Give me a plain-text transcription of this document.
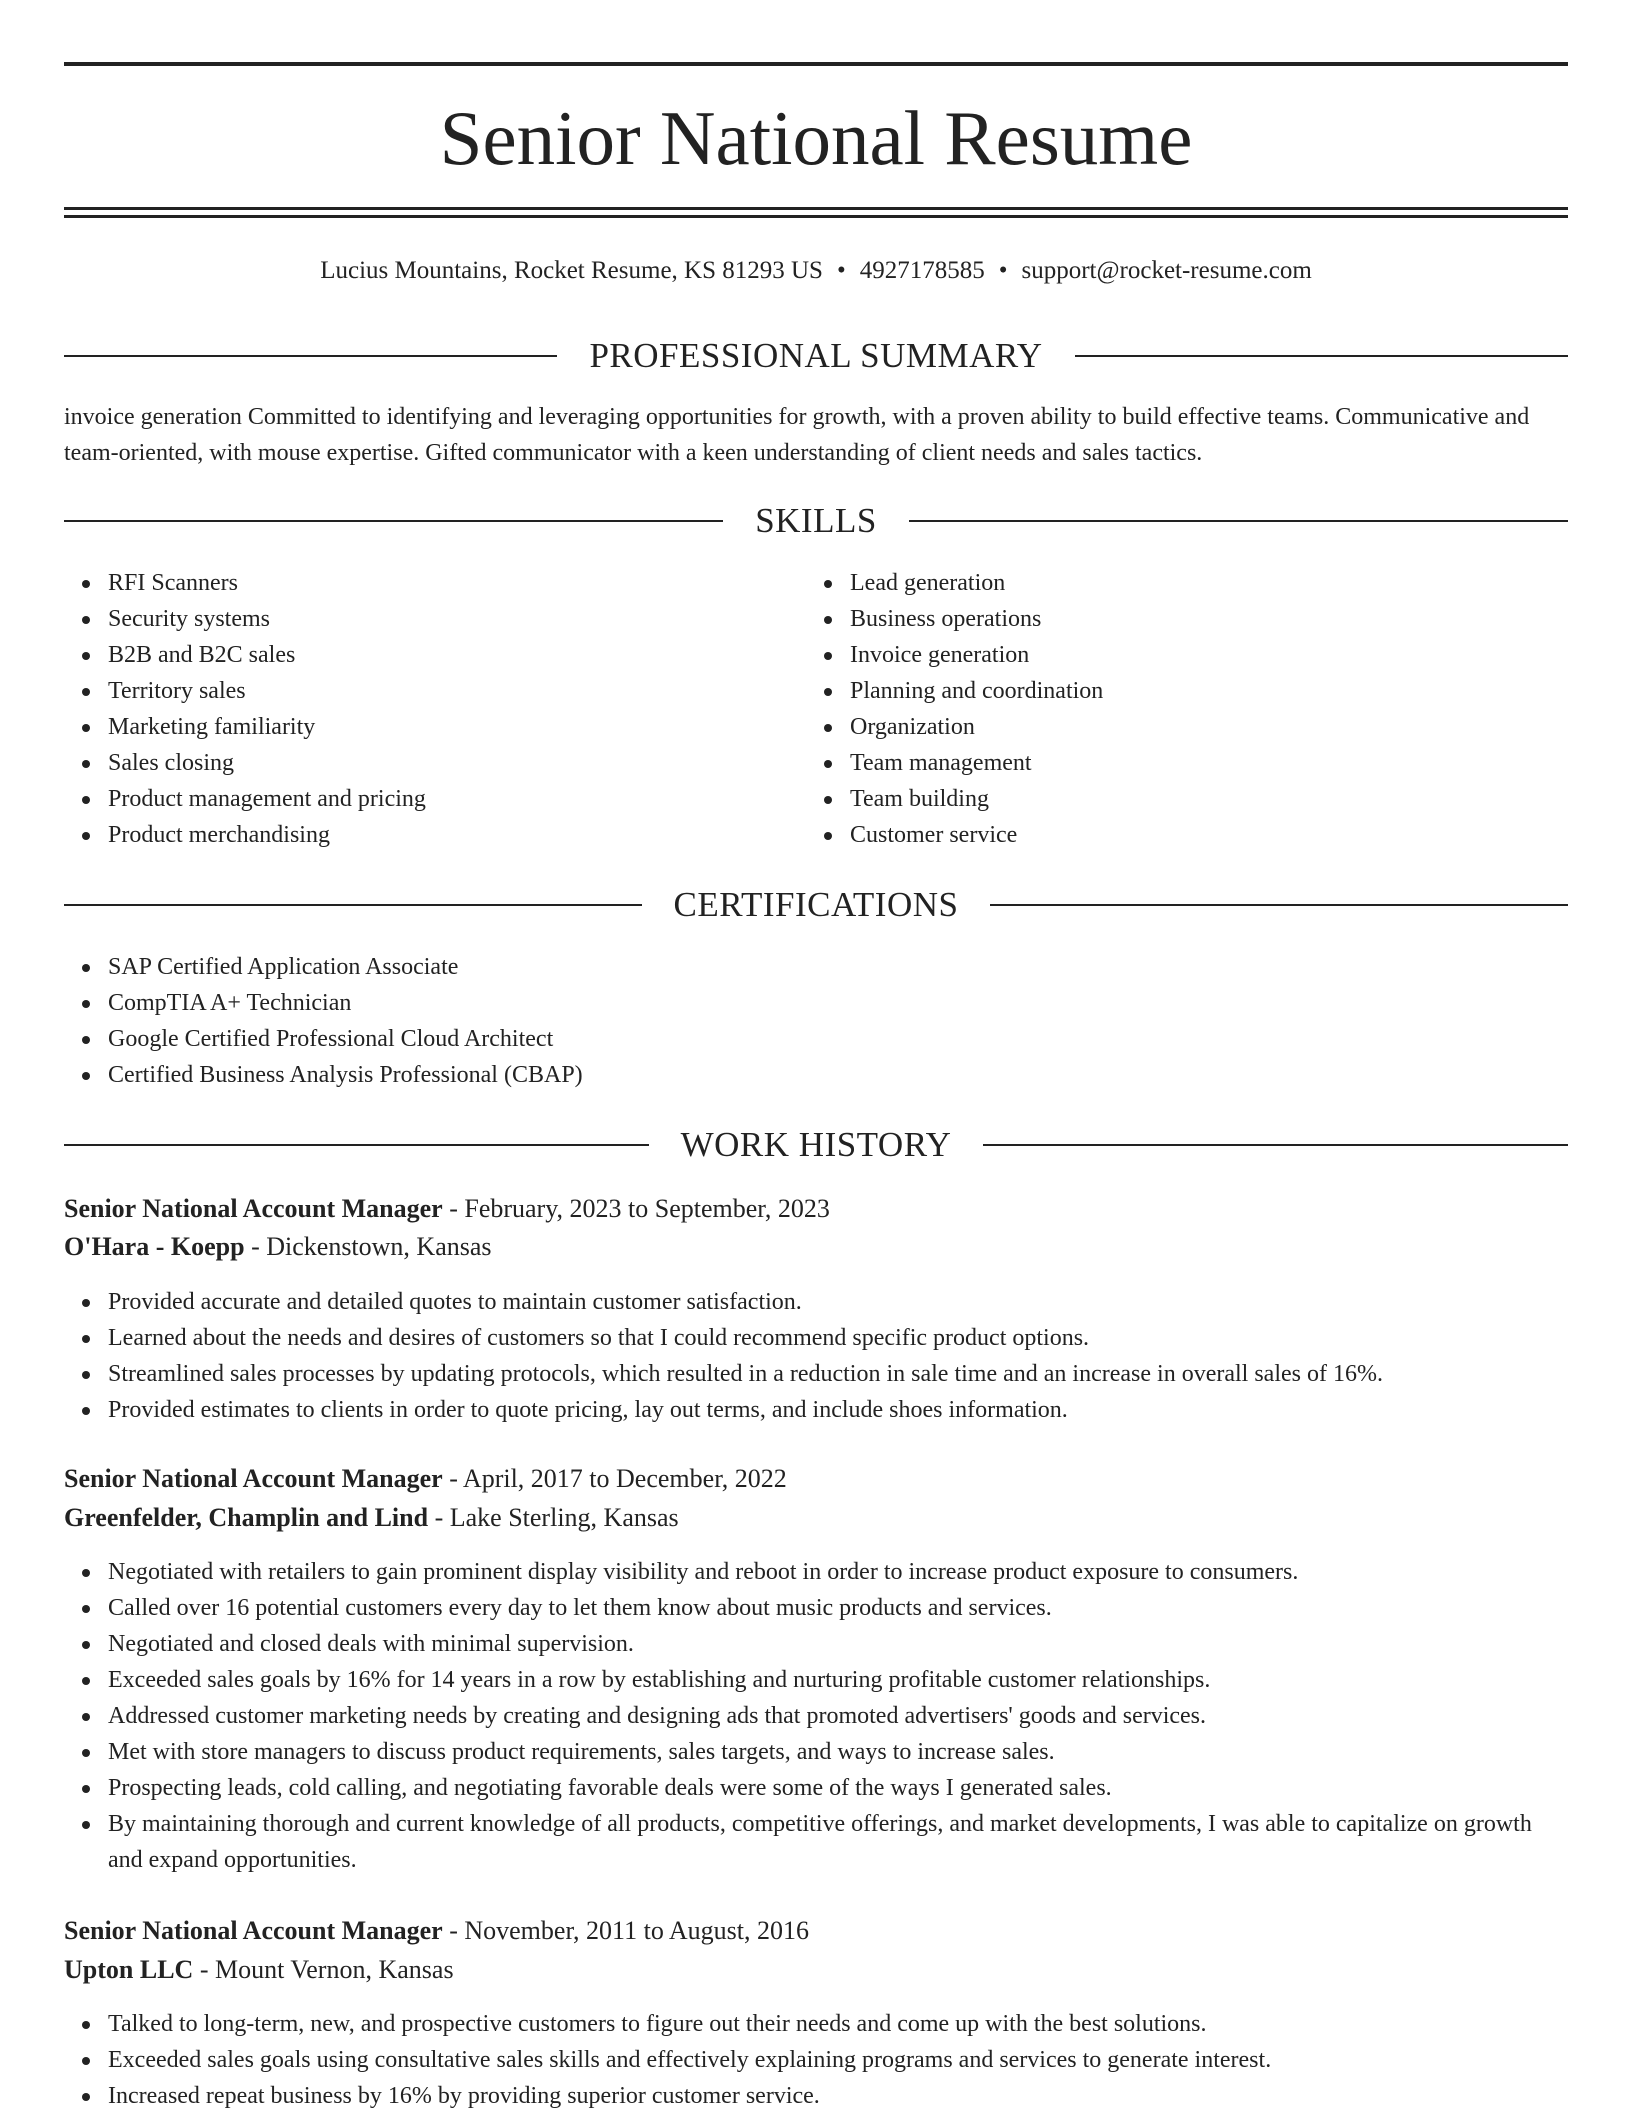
Senior National Resume
Lucius Mountains, Rocket Resume, KS 81293 US • 4927178585 • support@rocket-resume.com
PROFESSIONAL SUMMARY

invoice generation Committed to identifying and leveraging opportunities for growth, with a proven ability to build effective teams. Communicative and team-oriented, with mouse expertise. Gifted communicator with a keen understanding of client needs and sales tactics.

SKILLS
RFI Scanners
Security systems
B2B and B2C sales
Territory sales
Marketing familiarity
Sales closing
Product management and pricing
Product merchandising
Lead generation
Business operations
Invoice generation
Planning and coordination
Organization
Team management
Team building
Customer service
CERTIFICATIONS
SAP Certified Application Associate
CompTIA A+ Technician
Google Certified Professional Cloud Architect
Certified Business Analysis Professional (CBAP)
WORK HISTORY
Senior National Account Manager - February, 2023 to September, 2023
O'Hara - Koepp - Dickenstown, Kansas
Provided accurate and detailed quotes to maintain customer satisfaction.
Learned about the needs and desires of customers so that I could recommend specific product options.
Streamlined sales processes by updating protocols, which resulted in a reduction in sale time and an increase in overall sales of 16%.
Provided estimates to clients in order to quote pricing, lay out terms, and include shoes information.
Senior National Account Manager - April, 2017 to December, 2022
Greenfelder, Champlin and Lind - Lake Sterling, Kansas
Negotiated with retailers to gain prominent display visibility and reboot in order to increase product exposure to consumers.
Called over 16 potential customers every day to let them know about music products and services.
Negotiated and closed deals with minimal supervision.
Exceeded sales goals by 16% for 14 years in a row by establishing and nurturing profitable customer relationships.
Addressed customer marketing needs by creating and designing ads that promoted advertisers' goods and services.
Met with store managers to discuss product requirements, sales targets, and ways to increase sales.
Prospecting leads, cold calling, and negotiating favorable deals were some of the ways I generated sales.
By maintaining thorough and current knowledge of all products, competitive offerings, and market developments, I was able to capitalize on growth and expand opportunities.
Senior National Account Manager - November, 2011 to August, 2016
Upton LLC - Mount Vernon, Kansas
Talked to long-term, new, and prospective customers to figure out their needs and come up with the best solutions.
Exceeded sales goals using consultative sales skills and effectively explaining programs and services to generate interest.
Increased repeat business by 16% by providing superior customer service.
